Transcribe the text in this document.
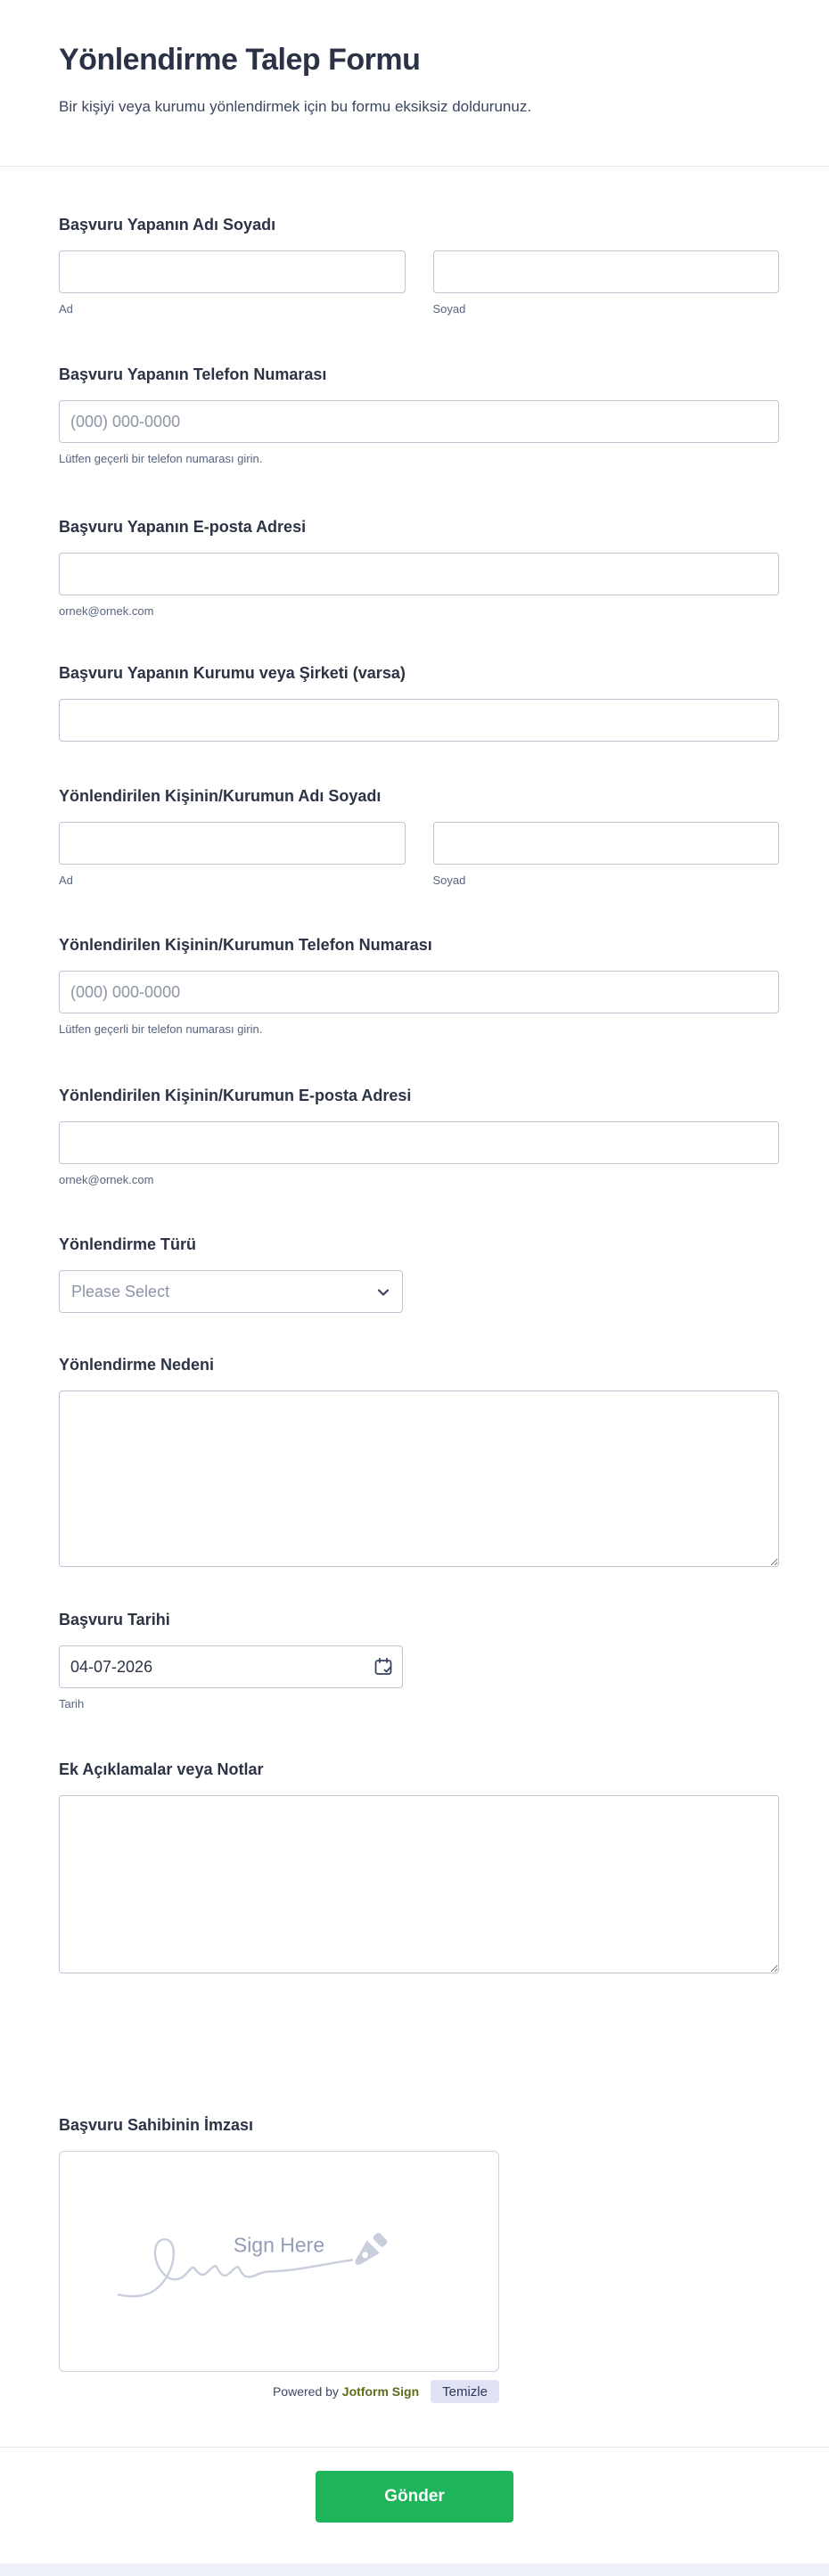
Yönlendirme Talep Formu

Bir kişiyi veya kurumu yönlendirmek için bu formu eksiksiz doldurunuz.

Başvuru Yapanın Adı Soyadı
Ad	Soyad
Başvuru Yapanın Telefon Numarası
(000) 000-0000
Lütfen geçerli bir telefon numarası girin.
Başvuru Yapanın E-posta Adresi
ornek@ornek.com
Başvuru Yapanın Kurumu veya Şirketi (varsa)
Yönlendirilen Kişinin/Kurumun Adı Soyadı
Ad	Soyad
Yönlendirilen Kişinin/Kurumun Telefon Numarası
(000) 000-0000
Lütfen geçerli bir telefon numarası girin.
Yönlendirilen Kişinin/Kurumun E-posta Adresi
ornek@ornek.com
Yönlendirme Türü
Please Select
Yönlendirme Nedeni
Başvuru Tarihi
04-07-2026
Tarih
Ek Açıklamalar veya Notlar
Başvuru Sahibinin İmzası
Sign Here
Powered by Jotform Sign	Temizle
Gönder
